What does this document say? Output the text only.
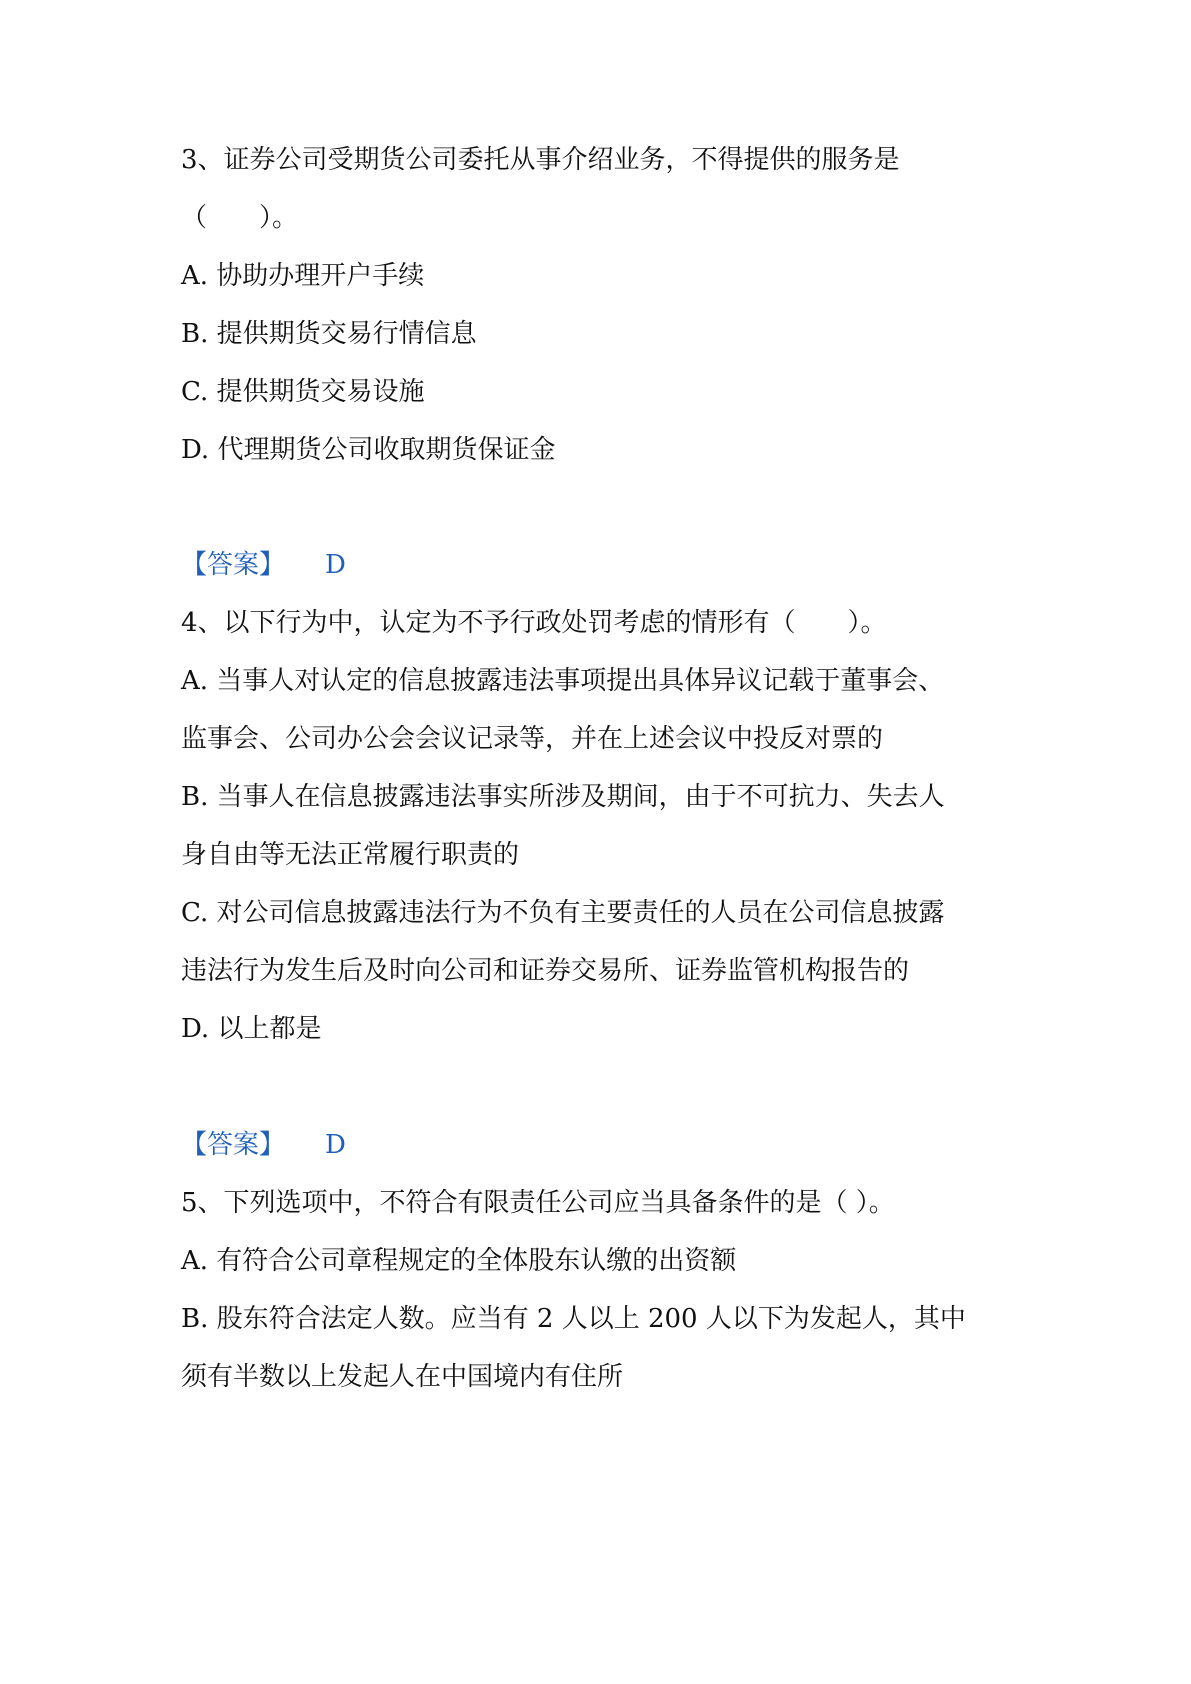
3、证券公司受期货公司委托从事介绍业务，不得提供的服务是
（　　）。
A. 协助办理开户手续
B. 提供期货交易行情信息
C. 提供期货交易设施
D. 代理期货公司收取期货保证金
【答案】 D
4、以下行为中，认定为不予行政处罚考虑的情形有（　　）。
A. 当事人对认定的信息披露违法事项提出具体异议记载于董事会、
监事会、公司办公会会议记录等，并在上述会议中投反对票的
B. 当事人在信息披露违法事实所涉及期间，由于不可抗力、失去人
身自由等无法正常履行职责的
C. 对公司信息披露违法行为不负有主要责任的人员在公司信息披露
违法行为发生后及时向公司和证券交易所、证券监管机构报告的
D. 以上都是
【答案】 D
5、下列选项中，不符合有限责任公司应当具备条件的是（ ）。
A. 有符合公司章程规定的全体股东认缴的出资额
B. 股东符合法定人数。应当有 2 人以上 200 人以下为发起人，其中
须有半数以上发起人在中国境内有住所
